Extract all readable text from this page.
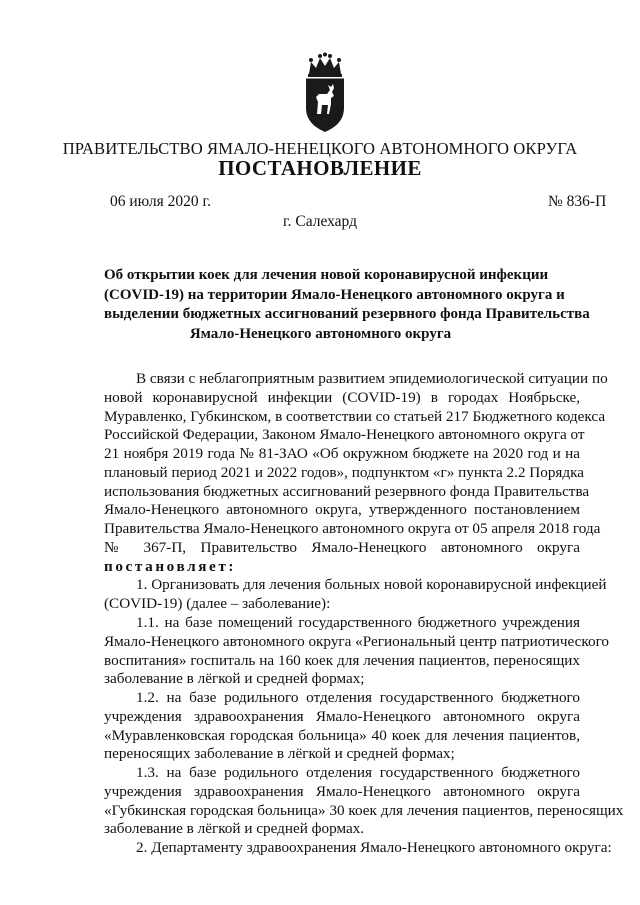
ПРАВИТЕЛЬСТВО ЯМАЛО-НЕНЕЦКОГО АВТОНОМНОГО ОКРУГА
ПОСТАНОВЛЕНИЕ
06 июля 2020 г.	№ 836-П
г. Салехард
Об открытии коек для лечения новой коронавирусной инфекции
(COVID-19) на территории Ямало-Ненецкого автономного округа и
выделении бюджетных ассигнований резервного фонда Правительства
Ямало-Ненецкого автономного округа
В связи с неблагоприятным развитием эпидемиологической ситуации по
новой коронавирусной инфекции (COVID-19) в городах Ноябрьске,
Муравленко, Губкинском, в соответствии со статьей 217 Бюджетного кодекса
Российской Федерации, Законом Ямало-Ненецкого автономного округа от
21 ноября 2019 года № 81-ЗАО «Об окружном бюджете на 2020 год и на
плановый период 2021 и 2022 годов», подпунктом «г» пункта 2.2 Порядка
использования бюджетных ассигнований резервного фонда Правительства
Ямало-Ненецкого автономного округа, утвержденного постановлением
Правительства Ямало-Ненецкого автономного округа от 05 апреля 2018 года
№ 367-П, Правительство Ямало-Ненецкого автономного округа
постановляет:
1. Организовать для лечения больных новой коронавирусной инфекцией
(COVID-19) (далее – заболевание):
1.1. на базе помещений государственного бюджетного учреждения
Ямало-Ненецкого автономного округа «Региональный центр патриотического
воспитания» госпиталь на 160 коек для лечения пациентов, переносящих
заболевание в лёгкой и средней формах;
1.2. на базе родильного отделения государственного бюджетного
учреждения здравоохранения Ямало-Ненецкого автономного округа
«Муравленковская городская больница» 40 коек для лечения пациентов,
переносящих заболевание в лёгкой и средней формах;
1.3. на базе родильного отделения государственного бюджетного
учреждения здравоохранения Ямало-Ненецкого автономного округа
«Губкинская городская больница» 30 коек для лечения пациентов, переносящих
заболевание в лёгкой и средней формах.
2. Департаменту здравоохранения Ямало-Ненецкого автономного округа:
